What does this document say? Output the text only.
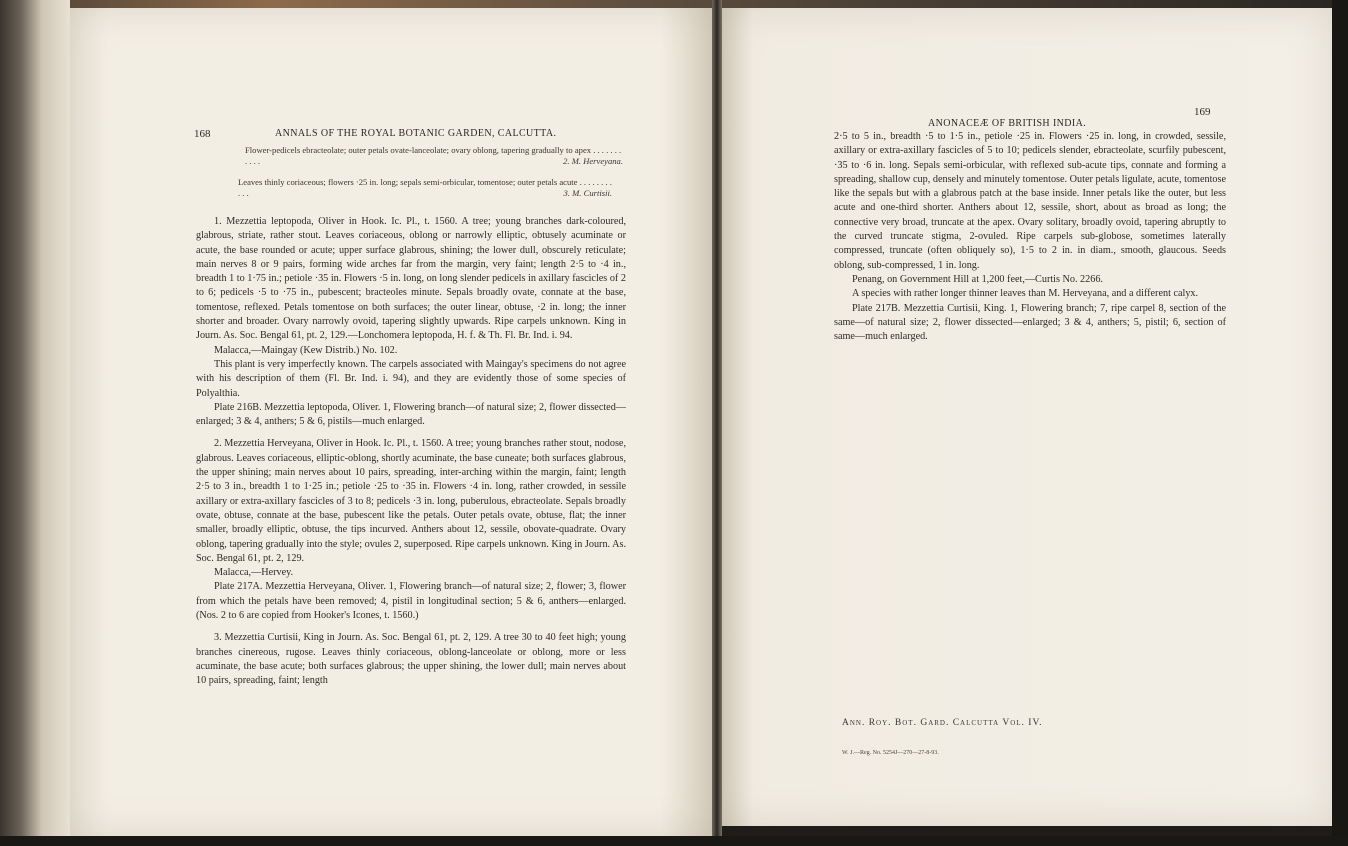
168	ANNALS OF THE ROYAL BOTANIC GARDEN, CALCUTTA.
Flower-pedicels ebracteolate; outer petals ovate-lanceolate; ovary oblong, tapering gradually to apex . . . . . . . . . . .	2. M. Herveyana.
Leaves thinly coriaceous; flowers ·25 in. long; sepals semi-orbicular, tomentose; outer petals acute . . . . . . . . . . .	3. M. Curtisii.

1. Mezzettia leptopoda, Oliver in Hook. Ic. Pl., t. 1560. A tree; young branches dark-coloured, glabrous, striate, rather stout. Leaves coriaceous, oblong or narrowly elliptic, obtusely acuminate or acute, the base rounded or acute; upper surface glabrous, shining; the lower dull, obscurely reticulate; main nerves 8 or 9 pairs, forming wide arches far from the margin, very faint; length 2·5 to ·4 in., breadth 1 to 1·75 in.; petiole ·35 in. Flowers ·5 in. long, on long slender pedicels in axillary fascicles of 2 to 6; pedicels ·5 to ·75 in., pubescent; bracteoles minute. Sepals broadly ovate, connate at the base, tomentose, reflexed. Petals tomentose on both surfaces; the outer linear, obtuse, ·2 in. long; the inner shorter and broader. Ovary narrowly ovoid, tapering slightly upwards. Ripe carpels unknown. King in Journ. As. Soc. Bengal 61, pt. 2, 129.—Lonchomera leptopoda, H. f. & Th. Fl. Br. Ind. i. 94.

Malacca,—Maingay (Kew Distrib.) No. 102.

This plant is very imperfectly known. The carpels associated with Maingay's specimens do not agree with his description of them (Fl. Br. Ind. i. 94), and they are evidently those of some species of Polyalthia.

Plate 216B. Mezzettia leptopoda, Oliver. 1, Flowering branch—of natural size; 2, flower dissected—enlarged; 3 & 4, anthers; 5 & 6, pistils—much enlarged.

2. Mezzettia Herveyana, Oliver in Hook. Ic. Pl., t. 1560. A tree; young branches rather stout, nodose, glabrous. Leaves coriaceous, elliptic-oblong, shortly acuminate, the base cuneate; both surfaces glabrous, the upper shining; main nerves about 10 pairs, spreading, inter-arching within the margin, faint; length 2·5 to 3 in., breadth 1 to 1·25 in.; petiole ·25 to ·35 in. Flowers ·4 in. long, rather crowded, in sessile axillary or extra-axillary fascicles of 3 to 8; pedicels ·3 in. long, puberulous, ebracteolate. Sepals broadly ovate, obtuse, connate at the base, pubescent like the petals. Outer petals ovate, obtuse, flat; the inner smaller, broadly elliptic, obtuse, the tips incurved. Anthers about 12, sessile, obovate-quadrate. Ovary oblong, tapering gradually into the style; ovules 2, superposed. Ripe carpels unknown. King in Journ. As. Soc. Bengal 61, pt. 2, 129.

Malacca,—Hervey.

Plate 217A. Mezzettia Herveyana, Oliver. 1, Flowering branch—of natural size; 2, flower; 3, flower from which the petals have been removed; 4, pistil in longitudinal section; 5 & 6, anthers—enlarged. (Nos. 2 to 6 are copied from Hooker's Icones, t. 1560.)

3. Mezzettia Curtisii, King in Journ. As. Soc. Bengal 61, pt. 2, 129. A tree 30 to 40 feet high; young branches cinereous, rugose. Leaves thinly coriaceous, oblong-lanceolate or oblong, more or less acuminate, the base acute; both surfaces glabrous; the upper shining, the lower dull; main nerves about 10 pairs, spreading, faint; length

ANONACEÆ OF BRITISH INDIA.
169

2·5 to 5 in., breadth ·5 to 1·5 in., petiole ·25 in. Flowers ·25 in. long, in crowded, sessile, axillary or extra-axillary fascicles of 5 to 10; pedicels slender, ebracteolate, scurfily pubescent, ·35 to ·6 in. long. Sepals semi-orbicular, with reflexed sub-acute tips, connate and forming a spreading, shallow cup, densely and minutely tomentose. Outer petals ligulate, acute, tomentose like the sepals but with a glabrous patch at the base inside. Inner petals like the outer, but less acute and one-third shorter. Anthers about 12, sessile, short, about as broad as long; the connective very broad, truncate at the apex. Ovary solitary, broadly ovoid, tapering abruptly to the curved truncate stigma, 2-ovuled. Ripe carpels sub-globose, sometimes laterally compressed, truncate (often obliquely so), 1·5 to 2 in. in diam., smooth, glaucous. Seeds oblong, sub-compressed, 1 in. long.

Penang, on Government Hill at 1,200 feet,—Curtis No. 2266.

A species with rather longer thinner leaves than M. Herveyana, and a different calyx.

Plate 217B. Mezzettia Curtisii, King. 1, Flowering branch; 7, ripe carpel 8, section of the same—of natural size; 2, flower dissected—enlarged; 3 & 4, anthers; 5, pistil; 6, section of same—much enlarged.

Ann. Roy. Bot. Gard. Calcutta Vol. IV.
W. J.—Reg. No. 5254J—270—27-8-93.
